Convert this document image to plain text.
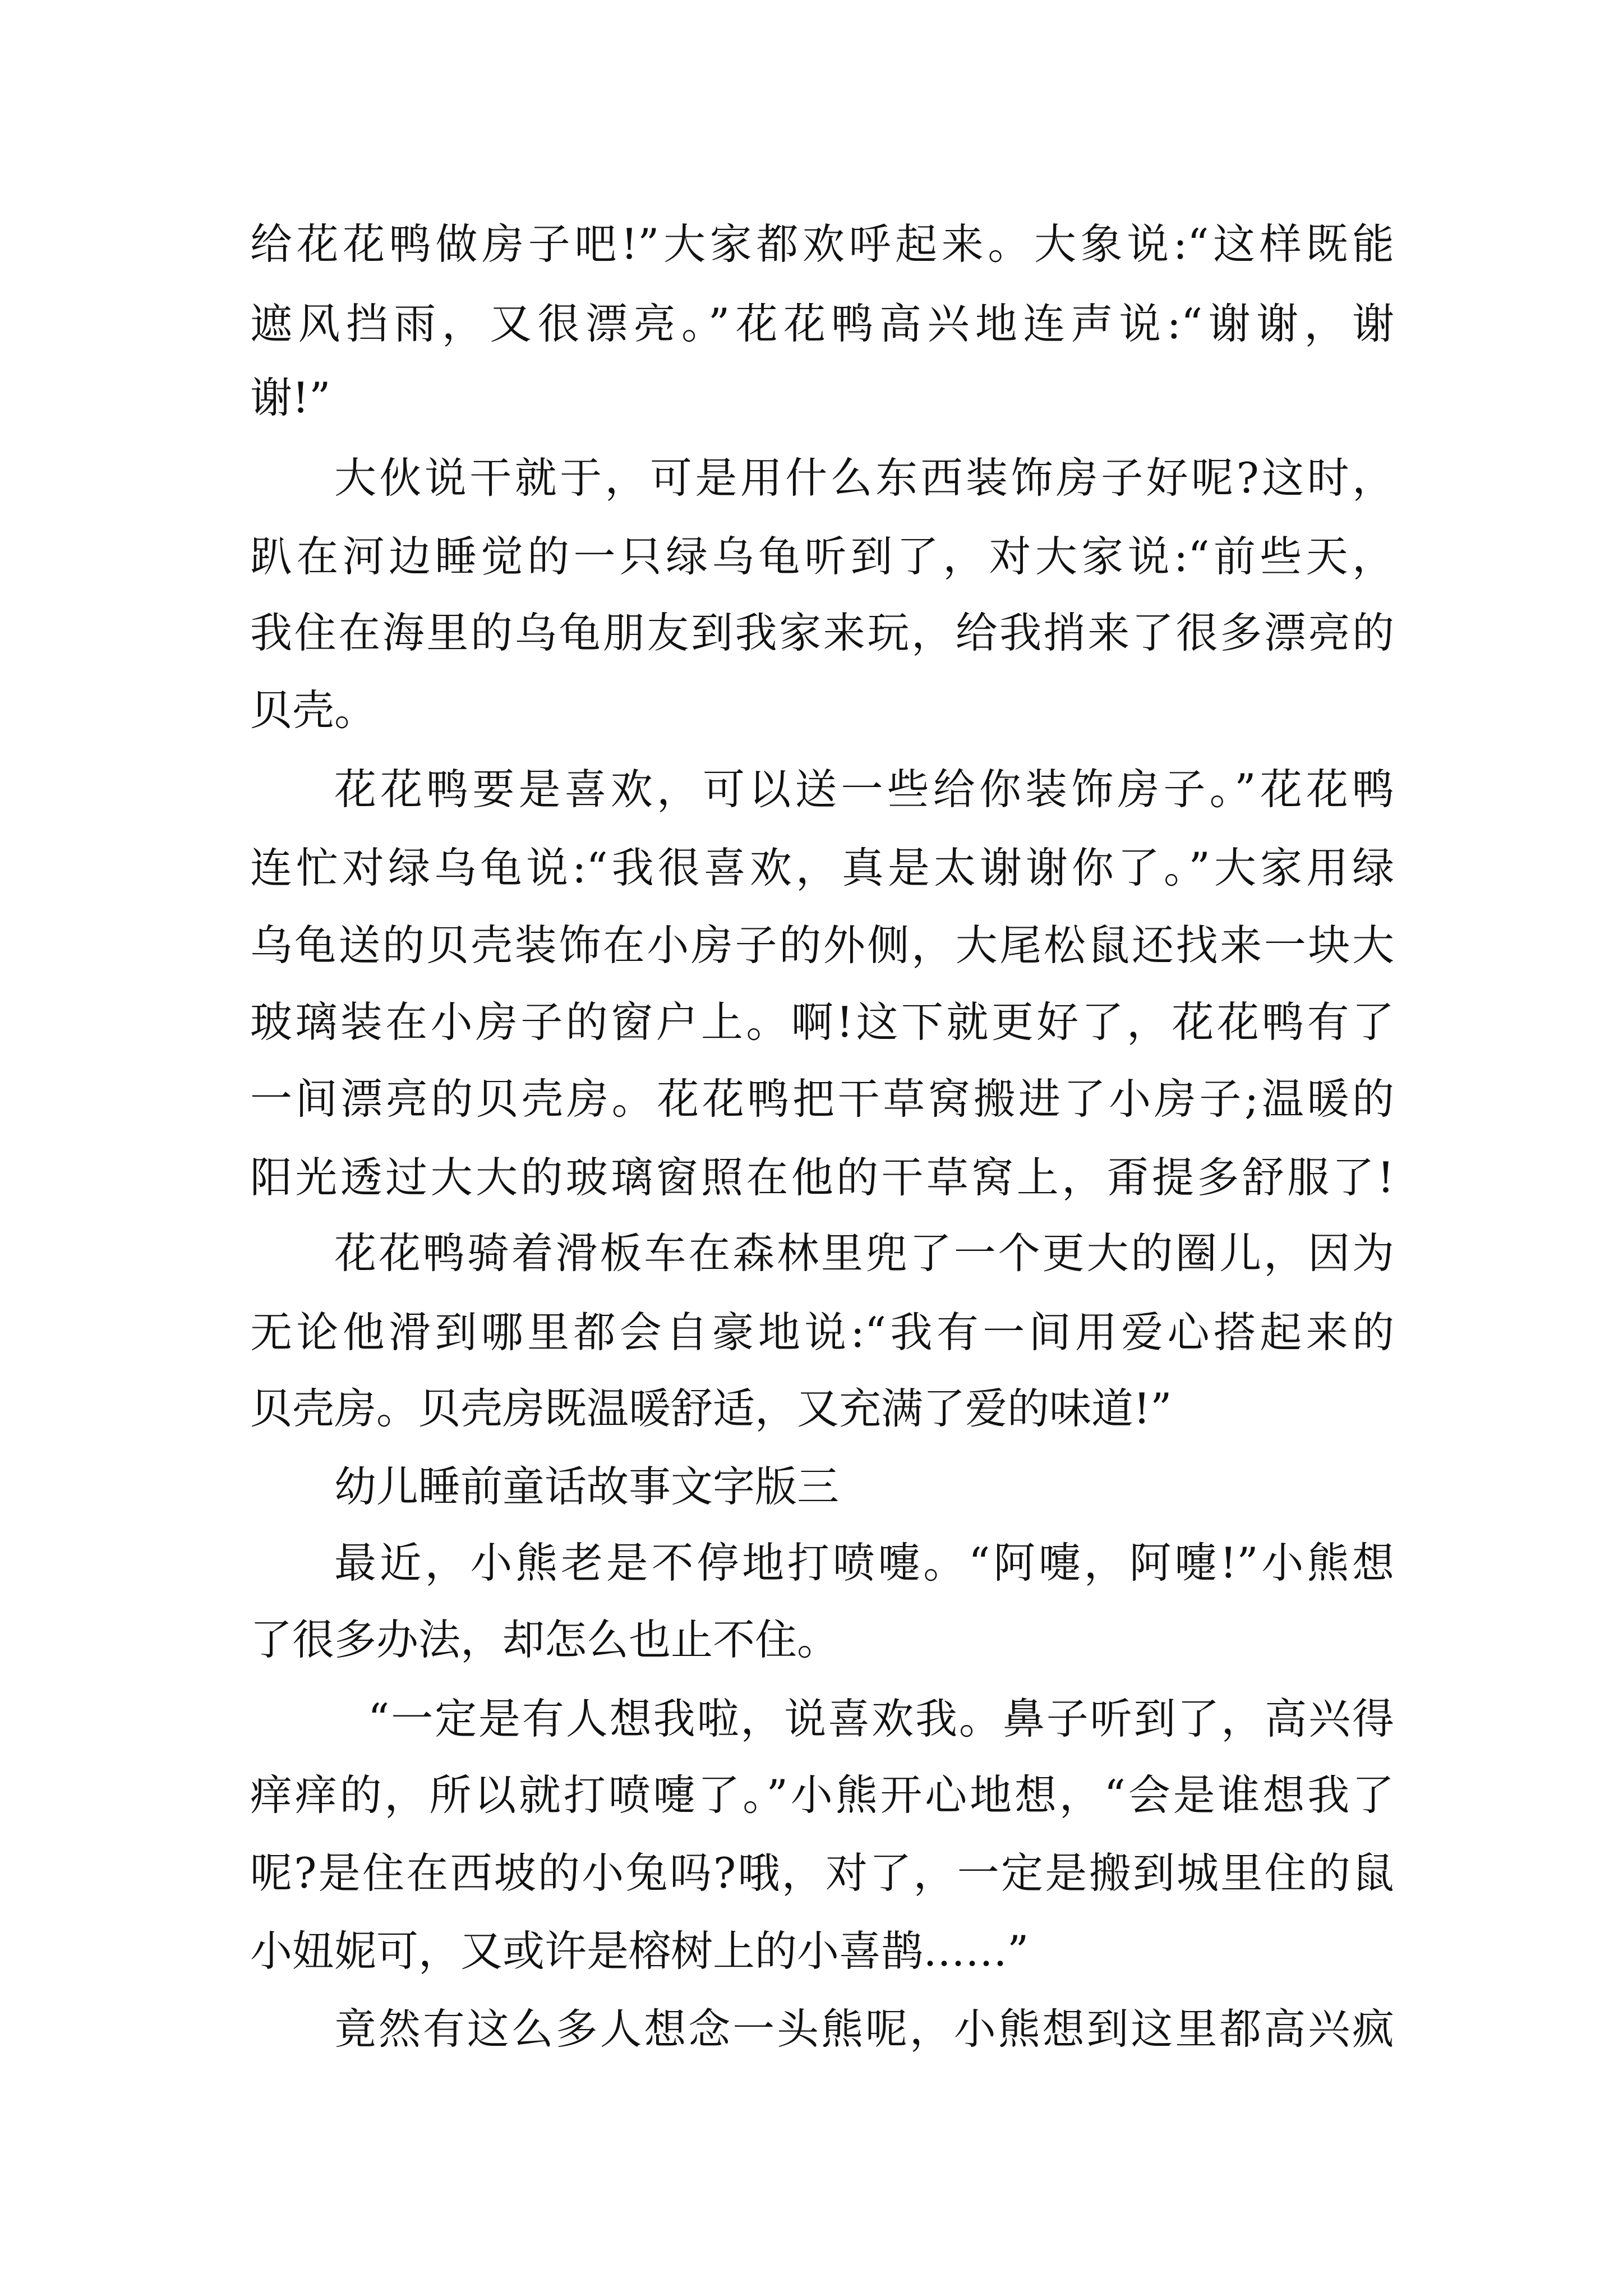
给花花鸭做房子吧!”大家都欢呼起来。大象说:“这样既能
遮风挡雨，又很漂亮。”花花鸭高兴地连声说:“谢谢，谢
谢!”
大伙说干就于，可是用什么东西装饰房子好呢?这时，
趴在河边睡觉的一只绿乌龟听到了，对大家说:“前些天，
我住在海里的乌龟朋友到我家来玩，给我捎来了很多漂亮的
贝壳。
花花鸭要是喜欢，可以送一些给你装饰房子。”花花鸭
连忙对绿乌龟说:“我很喜欢，真是太谢谢你了。”大家用绿
乌龟送的贝壳装饰在小房子的外侧，大尾松鼠还找来一块大
玻璃装在小房子的窗户上。啊!这下就更好了，花花鸭有了
一间漂亮的贝壳房。花花鸭把干草窝搬进了小房子;温暖的
阳光透过大大的玻璃窗照在他的干草窝上，甭提多舒服了!
花花鸭骑着滑板车在森林里兜了一个更大的圈儿，因为
无论他滑到哪里都会自豪地说:“我有一间用爱心搭起来的
贝壳房。贝壳房既温暖舒适，又充满了爱的味道!”
幼儿睡前童话故事文字版三
最近，小熊老是不停地打喷嚏。“阿嚏，阿嚏!”小熊想
了很多办法，却怎么也止不住。
“一定是有人想我啦，说喜欢我。鼻子听到了，高兴得
痒痒的，所以就打喷嚏了。”小熊开心地想，“会是谁想我了
呢?是住在西坡的小兔吗?哦，对了，一定是搬到城里住的鼠
小妞妮可，又或许是榕树上的小喜鹊……”
竟然有这么多人想念一头熊呢，小熊想到这里都高兴疯
